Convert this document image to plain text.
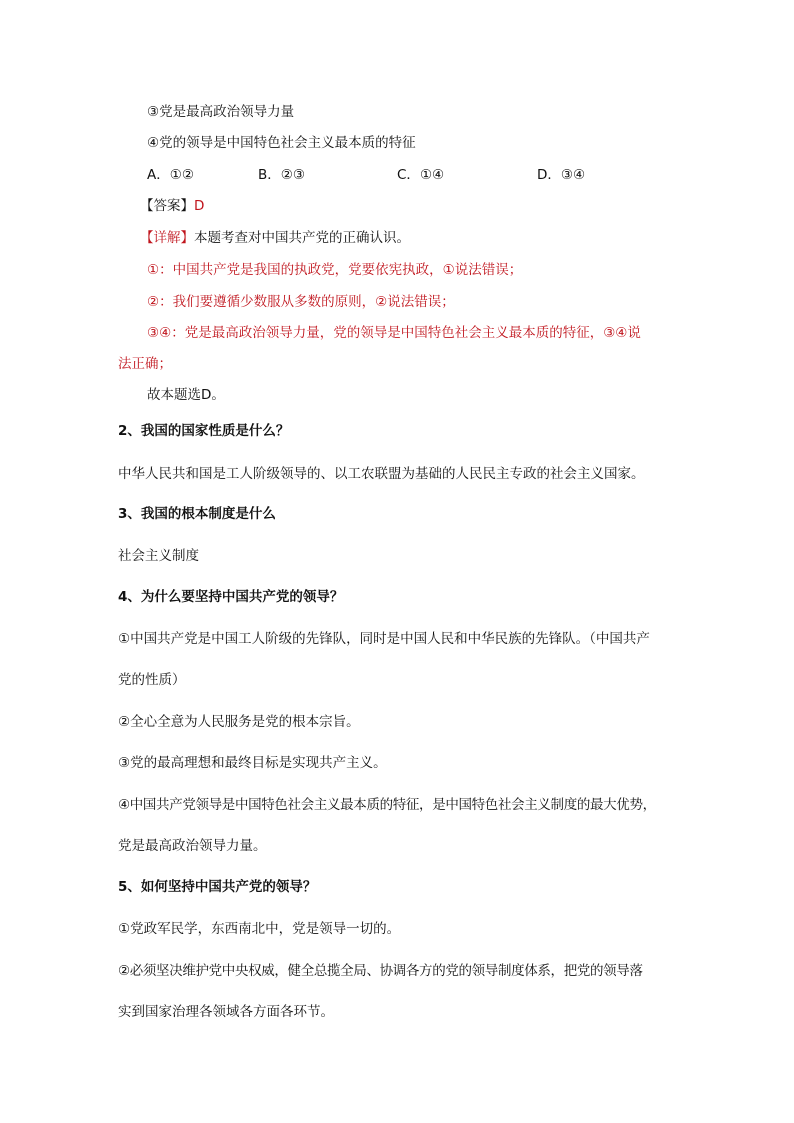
③党是最高政治领导力量
④党的领导是中国特色社会主义最本质的特征
A．①②	B．②③	C．①④	D．③④
【答案】D
【详解】本题考查对中国共产党的正确认识。
①：中国共产党是我国的执政党，党要依宪执政，①说法错误；
②：我们要遵循少数服从多数的原则，②说法错误；
③④：党是最高政治领导力量，党的领导是中国特色社会主义最本质的特征，③④说
法正确；
故本题选D。
2、我国的国家性质是什么？
中华人民共和国是工人阶级领导的、以工农联盟为基础的人民民主专政的社会主义国家。
3、我国的根本制度是什么
社会主义制度
4、为什么要坚持中国共产党的领导？
①中国共产党是中国工人阶级的先锋队，同时是中国人民和中华民族的先锋队。（中国共产
党的性质）
②全心全意为人民服务是党的根本宗旨。
③党的最高理想和最终目标是实现共产主义。
④中国共产党领导是中国特色社会主义最本质的特征，是中国特色社会主义制度的最大优势，
党是最高政治领导力量。
5、如何坚持中国共产党的领导？
①党政军民学，东西南北中，党是领导一切的。
②必须坚决维护党中央权威，健全总揽全局、协调各方的党的领导制度体系，把党的领导落
实到国家治理各领域各方面各环节。
